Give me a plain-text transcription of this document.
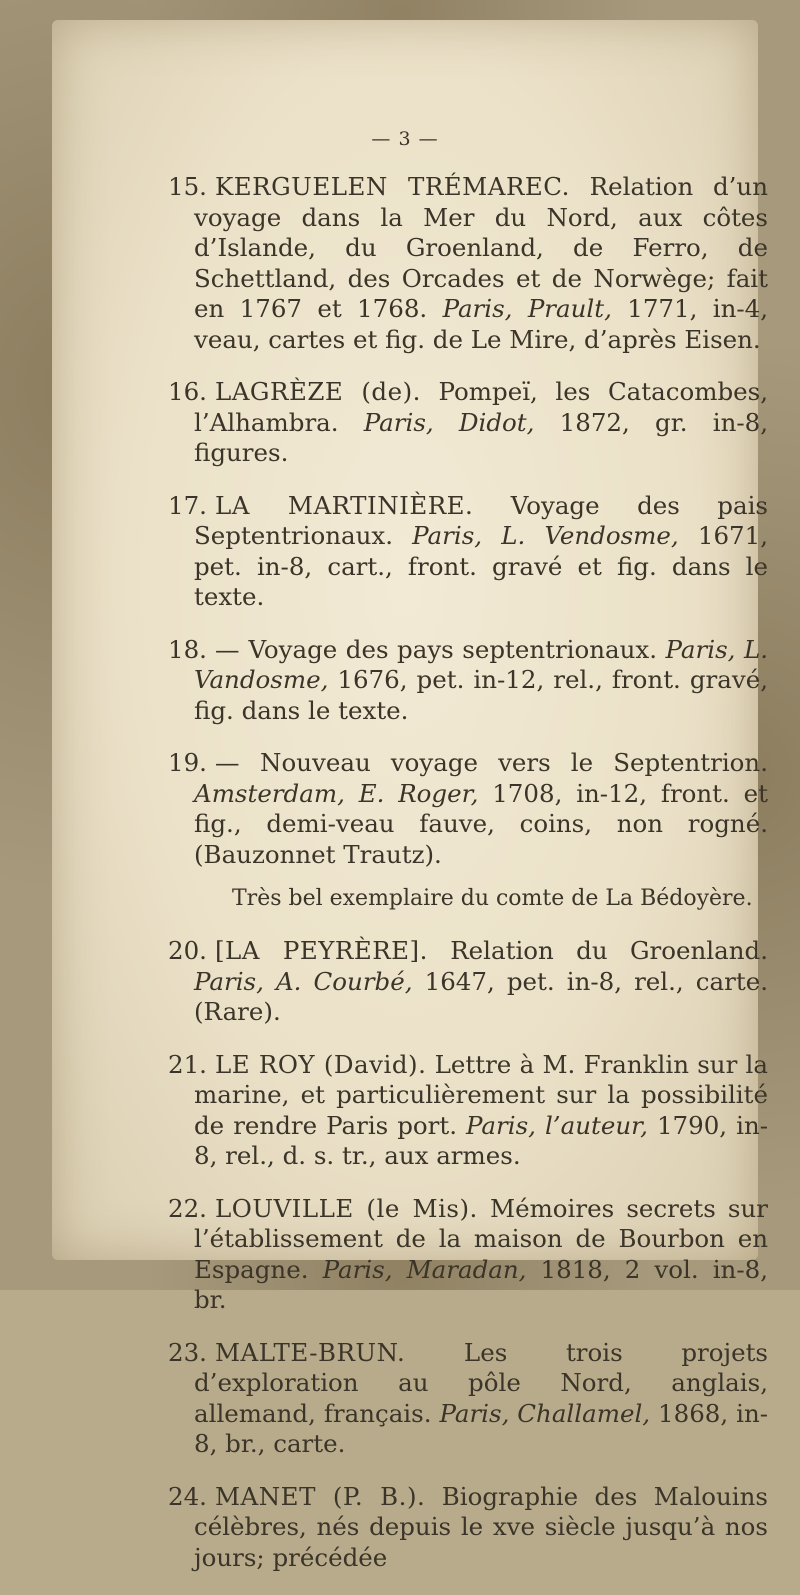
— 3 —

15. KERGUELEN TRÉMAREC. Relation d’un voyage dans la Mer du Nord, aux côtes d’Islande, du Groenland, de Ferro, de Schettland, des Orcades et de Norwège; fait en 1767 et 1768. Paris, Prault, 1771, in-4, veau, cartes et fig. de Le Mire, d’après Eisen.

16. LAGRÈZE (de). Pompeï, les Catacombes, l’Alhambra. Paris, Didot, 1872, gr. in-8, figures.

17. LA MARTINIÈRE. Voyage des pais Septentrionaux. Paris, L. Vendosme, 1671, pet. in-8, cart., front. gravé et fig. dans le texte.

18. — Voyage des pays septentrionaux. Paris, L. Vandosme, 1676, pet. in-12, rel., front. gravé, fig. dans le texte.

19. — Nouveau voyage vers le Septentrion. Amsterdam, E. Roger, 1708, in-12, front. et fig., demi-veau fauve, coins, non rogné. (Bauzonnet Trautz).

Très bel exemplaire du comte de La Bédoyère.

20. [LA PEYRÈRE]. Relation du Groenland. Paris, A. Courbé, 1647, pet. in-8, rel., carte. (Rare).

21. LE ROY (David). Lettre à M. Franklin sur la marine, et particulièrement sur la possibilité de rendre Paris port. Paris, l’auteur, 1790, in-8, rel., d. s. tr., aux armes.

22. LOUVILLE (le Mis). Mémoires secrets sur l’établissement de la maison de Bourbon en Espagne. Paris, Maradan, 1818, 2 vol. in-8, br.

23. MALTE-BRUN. Les trois projets d’exploration au pôle Nord, anglais, allemand, français. Paris, Challamel, 1868, in-8, br., carte.

24. MANET (P. B.). Biographie des Malouins célèbres, nés depuis le xve siècle jusqu’à nos jours; précédée
